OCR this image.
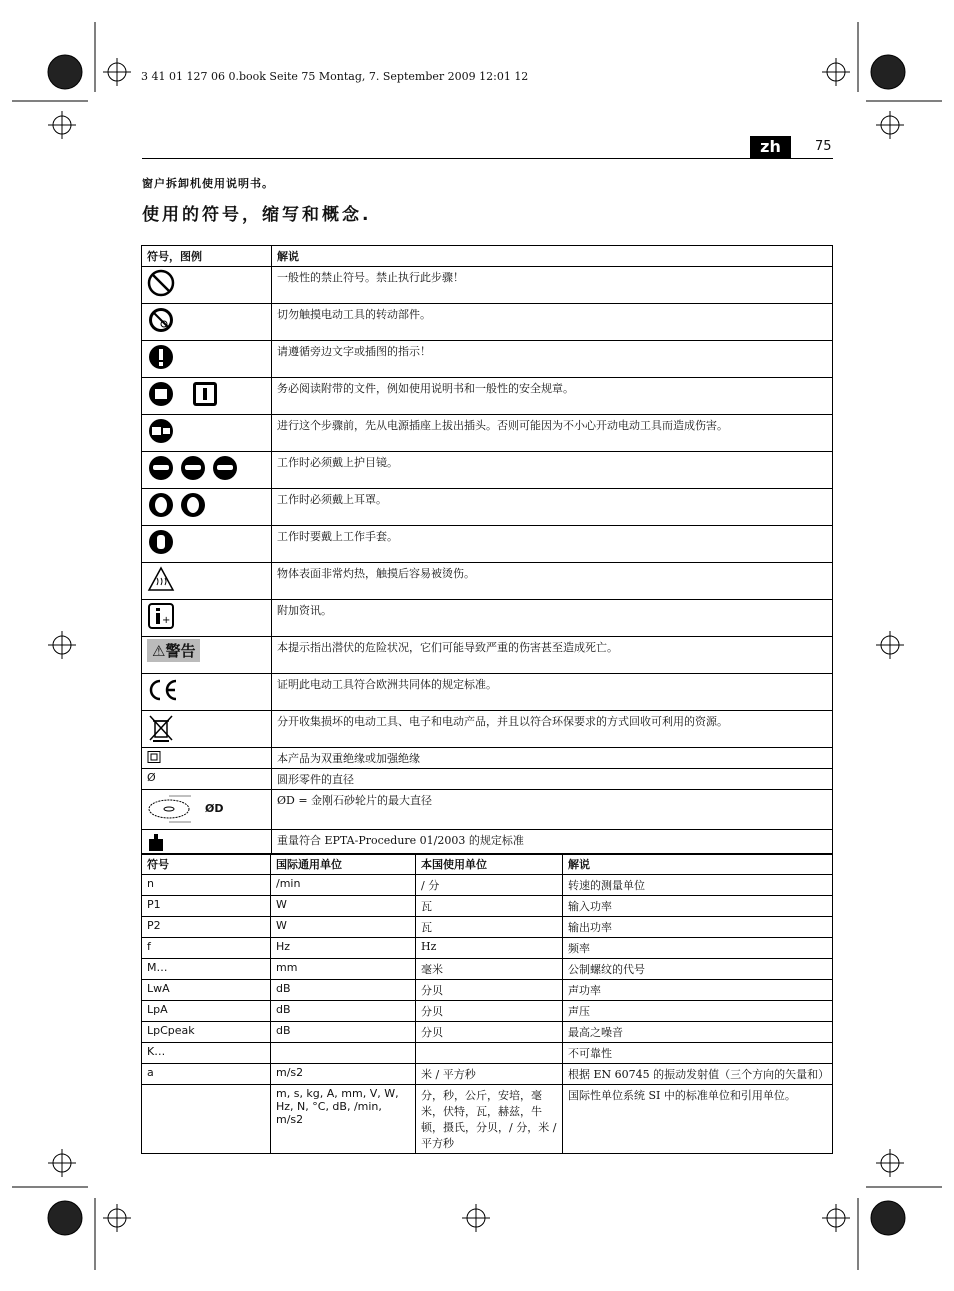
3 41 01 127 06 0.book Seite 75 Montag, 7. September 2009 12:01 12
zh	75
窗户拆卸机使用说明书。
使用的符号，缩写和概念.
符号，图例	解说
	一般性的禁止符号。禁止执行此步骤！
	切勿触摸电动工具的转动部件。
	请遵循旁边文字或插图的指示！
	务必阅读附带的文件，例如使用说明书和一般性的安全规章。
	进行这个步骤前，先从电源插座上拔出插头。否则可能因为不小心开动电动工具而造成伤害。
	工作时必须戴上护目镜。
	工作时必须戴上耳罩。
	工作时要戴上工作手套。
	物体表面非常灼热，触摸后容易被烫伤。

+	附加资讯。
⚠警告	本提示指出潜伏的危险状况，它们可能导致严重的伤害甚至造成死亡。
	证明此电动工具符合欧洲共同体的规定标准。
	分开收集损坏的电动工具、电子和电动产品，并且以符合环保要求的方式回收可利用的资源。
	本产品为双重绝缘或加强绝缘
Ø	圆形零件的直径
ØD	ØD = 金刚石砂轮片的最大直径
	重量符合 EPTA-Procedure 01/2003 的规定标准
符号	国际通用单位	本国使用单位	解说
n	/min	/ 分	转速的测量单位
P1	W	瓦	输入功率
P2	W	瓦	输出功率
f	Hz	Hz	频率
M…	mm	毫米	公制螺纹的代号
LwA	dB	分贝	声功率
LpA	dB	分贝	声压
LpCpeak	dB	分贝	最高之噪音
K…			不可靠性
a	m/s2	米 / 平方秒	根据 EN 60745 的振动发射值（三个方向的矢量和）
	m, s, kg, A, mm, V, W, Hz, N, °C, dB, /min, m/s2	分，秒，公斤，安培，毫米，伏特，瓦，赫兹，牛顿，摄氏，分贝，/ 分，米 / 平方秒	国际性单位系统 SI 中的标准单位和引用单位。
